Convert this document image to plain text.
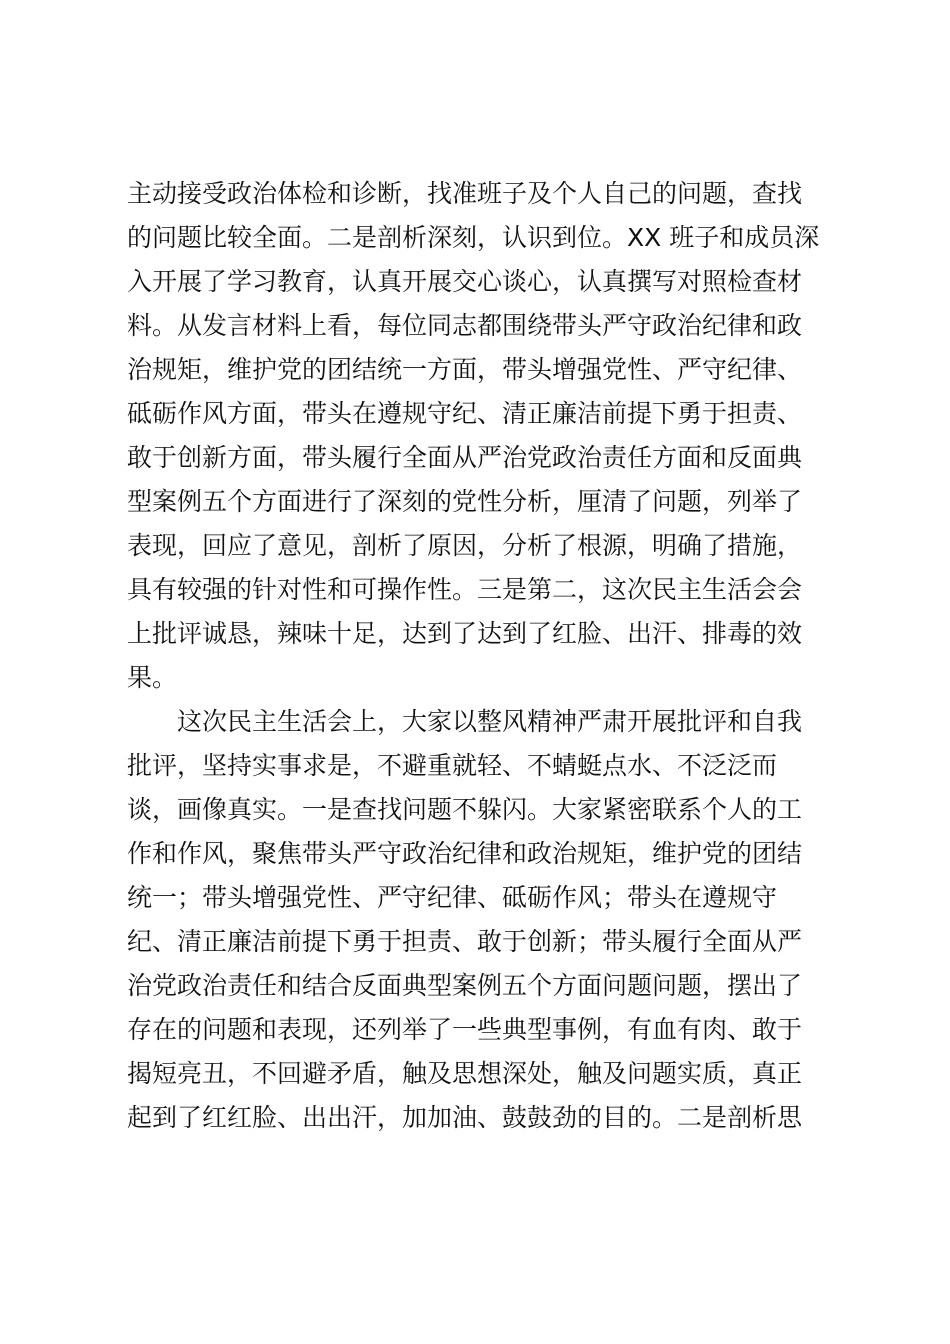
主动接受政治体检和诊断，找准班子及个人自己的问题，查找
的问题比较全面。二是剖析深刻，认识到位。XX 班子和成员深
入开展了学习教育，认真开展交心谈心，认真撰写对照检查材
料。从发言材料上看，每位同志都围绕带头严守政治纪律和政
治规矩，维护党的团结统一方面，带头增强党性、严守纪律、
砥砺作风方面，带头在遵规守纪、清正廉洁前提下勇于担责、
敢于创新方面，带头履行全面从严治党政治责任方面和反面典
型案例五个方面进行了深刻的党性分析，厘清了问题，列举了
表现，回应了意见，剖析了原因，分析了根源，明确了措施，
具有较强的针对性和可操作性。三是第二，这次民主生活会会
上批评诚恳，辣味十足，达到了达到了红脸、出汗、排毒的效
果。
这次民主生活会上，大家以整风精神严肃开展批评和自我
批评，坚持实事求是，不避重就轻、不蜻蜓点水、不泛泛而
谈，画像真实。一是查找问题不躲闪。大家紧密联系个人的工
作和作风，聚焦带头严守政治纪律和政治规矩，维护党的团结
统一；带头增强党性、严守纪律、砥砺作风；带头在遵规守
纪、清正廉洁前提下勇于担责、敢于创新；带头履行全面从严
治党政治责任和结合反面典型案例五个方面问题问题，摆出了
存在的问题和表现，还列举了一些典型事例，有血有肉、敢于
揭短亮丑，不回避矛盾，触及思想深处，触及问题实质，真正
起到了红红脸、出出汗，加加油、鼓鼓劲的目的。二是剖析思
